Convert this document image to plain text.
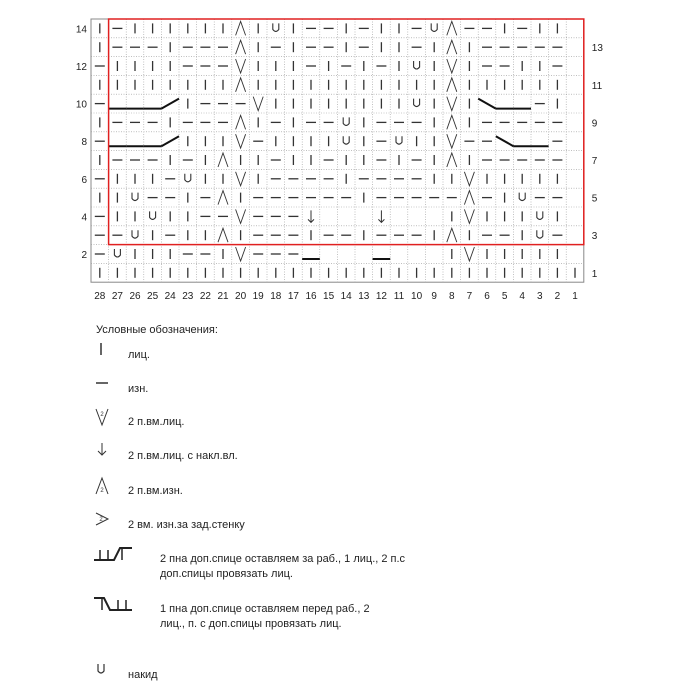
28 27 26 25 24 23 22 21 20 19 18 17 16 15 14 13 12 11 10 9 8 7 6 5 4 3 2 1
2
4
6
8
10
12
14
1
3
5
7
9
11
13
Условные обозначения:
лиц.
изн.
2
2 п.вм.лиц.
2 п.вм.лиц. с накл.вл.
2 2 п.вм.изн.
2 2 вм. изн.за зад.стенку
2 пна доп.спице оставляем за раб., 1 лиц., 2 п.с
доп.спицы провязать лиц.
1 пна доп.спице оставляем перед раб., 2
лиц., п. с доп.спицы провязать лиц.
накид
